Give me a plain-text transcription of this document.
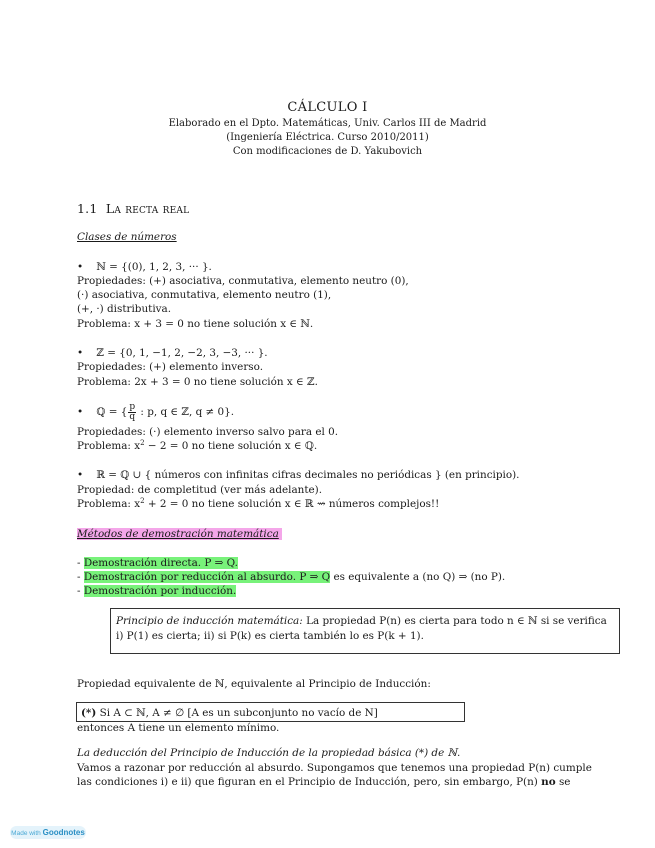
CÁLCULO I
Elaborado en el Dpto. Matemáticas, Univ. Carlos III de Madrid
(Ingeniería Eléctrica. Curso 2010/2011)
Con modificaciones de D. Yakubovich
1.1 La recta real
Clases de números
•    ℕ = {(0), 1, 2, 3, ··· }.
Propiedades: (+) asociativa, conmutativa, elemento neutro (0),
(·) asociativa, conmutativa, elemento neutro (1),
(+, ·) distributiva.
Problema: x + 3 = 0 no tiene solución x ∈ ℕ.
•    ℤ = {0, 1, −1, 2, −2, 3, −3, ··· }.
Propiedades: (+) elemento inverso.
Problema: 2x + 3 = 0 no tiene solución x ∈ ℤ.
•    ℚ = { $\frac{p}{q}$ : p, q ∈ ℤ, q ≠ 0}.
Propiedades: (·) elemento inverso salvo para el 0.
Problema: $x^2 - 2 = 0$ no tiene solución x ∈ ℚ.
•    ℝ = ℚ ∪ { números con infinitas cifras decimales no periódicas } (en principio).
Propiedad: de completitud (ver más adelante).
Problema: $x^2 + 2 = 0$ no tiene solución x ∈ ℝ ⇝ números complejos!!
Métodos de demostración matemática
- Demostración directa. P ⇒ Q.
- Demostración por reducción al absurdo. P ⇒ Q es equivalente a (no Q) ⇒ (no P).
- Demostración por inducción.
Principio de inducción matemática: La propiedad P(n) es cierta para todo n ∈ ℕ si se verifica
i) P(1) es cierta; ii) si P(k) es cierta también lo es P(k + 1).
Propiedad equivalente de ℕ, equivalente al Principio de Inducción:
(*) Si A ⊂ ℕ, A ≠ ∅ [A es un subconjunto no vacío de N]
entonces A tiene un elemento mínimo.
La deducción del Principio de Inducción de la propiedad básica (*) de ℕ.
Vamos a razonar por reducción al absurdo. Supongamos que tenemos una propiedad P(n) cumple
las condiciones i) e ii) que figuran en el Principio de Inducción, pero, sin embargo, P(n) no se
Made with Goodnotes
